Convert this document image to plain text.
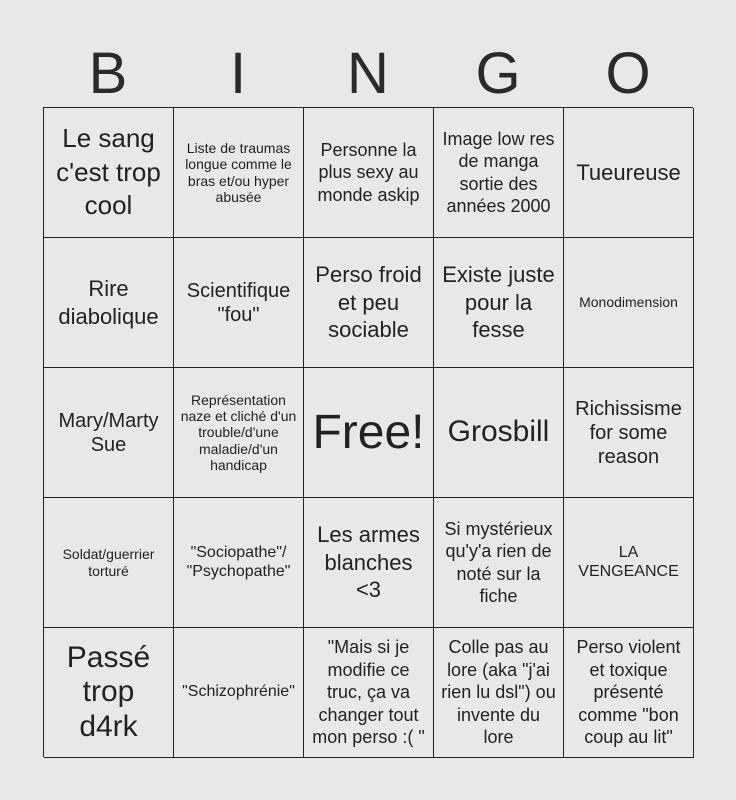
B	I	N	G	O
Le sang c'est trop cool
Liste de traumas longue comme le bras et/ou hyper abusée
Personne la plus sexy au monde askip
Image low res de manga sortie des années 2000
Tueureuse
Rire diabolique
Scientifique "fou"
Perso froid et peu sociable
Existe juste pour la fesse
Monodimension
Mary/Marty Sue
Représentation naze et cliché d'un trouble/d'une maladie/d'un handicap
Free! Grosbill
Richissisme for some reason
Soldat/guerrier torturé
"Sociopathe"/ "Psychopathe"
Les armes blanches <3
Si mystérieux qu'y'a rien de noté sur la fiche
LA VENGEANCE
Passé trop d4rk
"Schizophrénie"
"Mais si je modifie ce truc, ça va changer tout mon perso :( "
Colle pas au lore (aka "j'ai rien lu dsl") ou invente du lore
Perso violent et toxique présenté comme "bon coup au lit"
